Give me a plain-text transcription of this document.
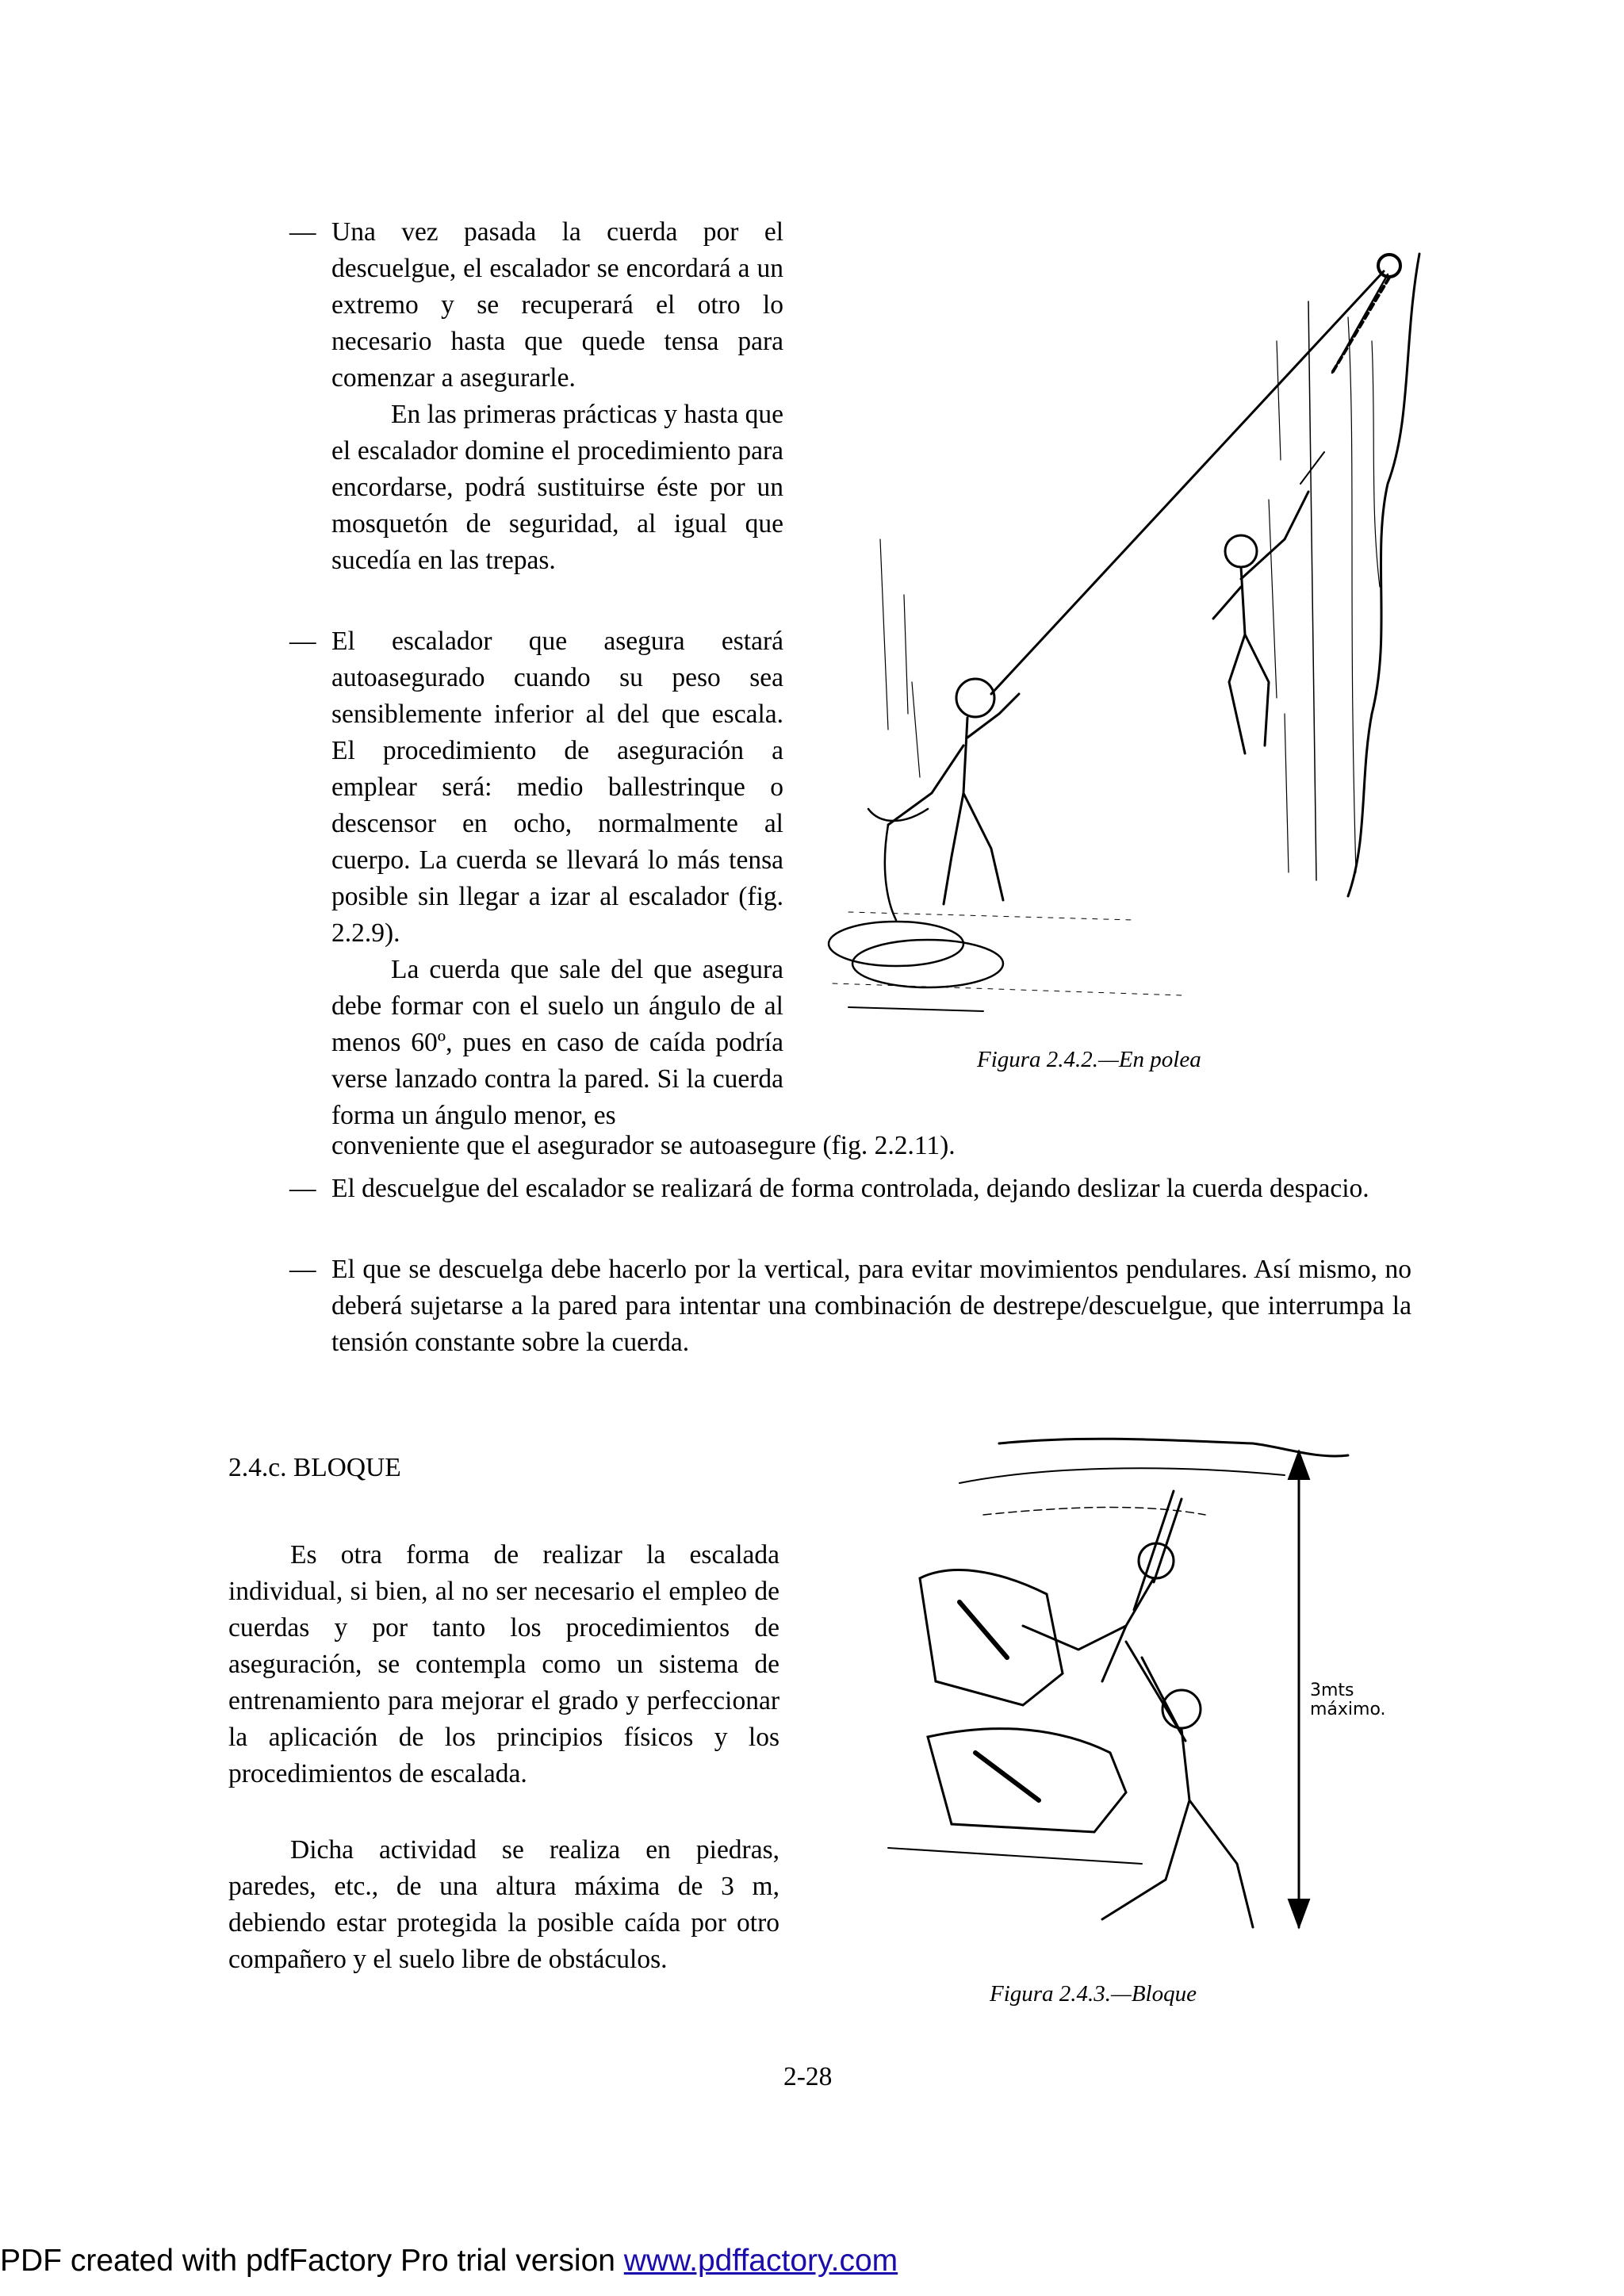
— Una vez pasada la cuerda por el descuelgue, el escalador se encordará a un extremo y se recuperará el otro lo necesario hasta que quede tensa para comenzar a asegurarle.

En las primeras prácticas y hasta que el escalador domine el procedimiento para encordarse, podrá sustituirse éste por un mosquetón de seguridad, al igual que sucedía en las trepas.

— El escalador que asegura estará autoasegurado cuando su peso sea sensiblemente inferior al del que escala. El procedimiento de aseguración a emplear será: medio ballestrinque o descensor en ocho, normalmente al cuerpo. La cuerda se llevará lo más tensa posible sin llegar a izar al escalador (fig. 2.2.9).

La cuerda que sale del que asegura debe formar con el suelo un ángulo de al menos 60º, pues en caso de caída podría verse lanzado contra la pared. Si la cuerda forma un ángulo menor, es

conveniente que el asegurador se autoasegure (fig. 2.2.11).

— El descuelgue del escalador se realizará de forma controlada, dejando deslizar la cuerda despacio.

— El que se descuelga debe hacerlo por la vertical, para evitar movimientos pendulares. Así mismo, no deberá sujetarse a la pared para intentar una combinación de destrepe/descuelgue, que interrumpa la tensión constante sobre la cuerda.

Figura 2.4.2.—En polea
2.4.c. BLOQUE

Es otra forma de realizar la escalada individual, si bien, al no ser necesario el empleo de cuerdas y por tanto los procedimientos de aseguración, se contempla como un sistema de entrenamiento para mejorar el grado y perfeccionar la aplicación de los principios físicos y los procedimientos de escalada.

Dicha actividad se realiza en piedras, paredes, etc., de una altura máxima de 3 m, debiendo estar protegida la posible caída por otro compañero y el suelo libre de obstáculos.

3mts
máximo.
Figura 2.4.3.—Bloque
2-28
PDF created with pdfFactory Pro trial version www.pdffactory.com
